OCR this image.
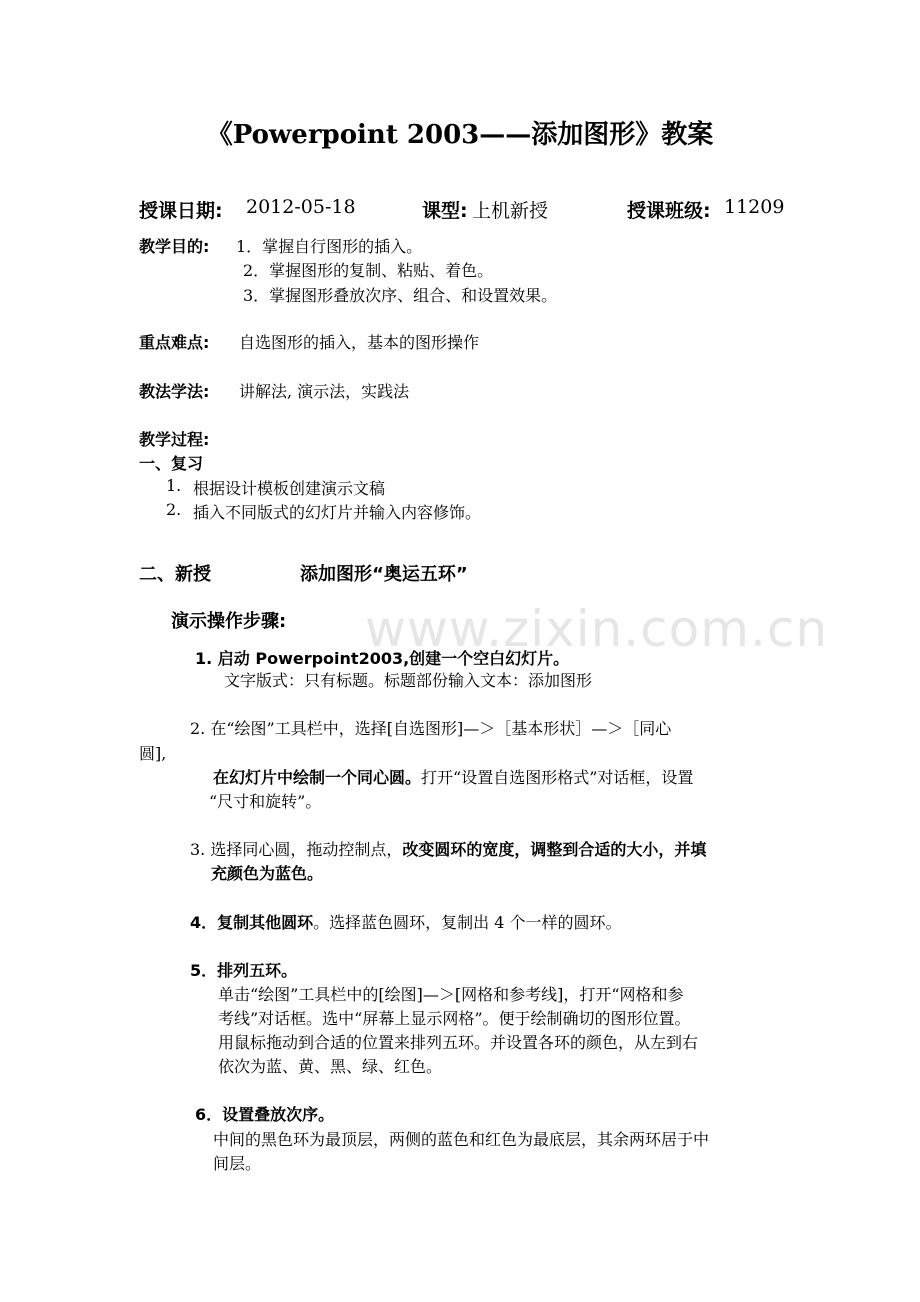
《Powerpoint 2003——添加图形》教案
授课日期: 2012-05-18	课型: 上机新授	授课班级: 11209
教学目的: 1．掌握自行图形的插入。
2．掌握图形的复制、粘贴、着色。
3．掌握图形叠放次序、组合、和设置效果。
重点难点: 自选图形的插入，基本的图形操作
教法学法: 讲解法, 演示法，实践法
教学过程:
一、复习
1. 根据设计模板创建演示文稿
2. 插入不同版式的幻灯片并输入内容修饰。
二、新授	添加图形“奥运五环”
www.zixin.com.cn
演示操作步骤:
1. 启动 Powerpoint2003,创建一个空白幻灯片。
文字版式：只有标题。标题部份输入文本：添加图形
2. 在“绘图”工具栏中，选择[自选图形]—＞［基本形状］—＞［同心
圆],
在幻灯片中绘制一个同心圆。打开“设置自选图形格式”对话框，设置
“尺寸和旋转”。
3. 选择同心圆，拖动控制点，改变圆环的宽度，调整到合适的大小，并填
充颜色为蓝色。
4．复制其他圆环。选择蓝色圆环，复制出 4 个一样的圆环。
5．排列五环。
单击“绘图”工具栏中的[绘图]—＞[网格和参考线]，打开“网格和参
考线”对话框。选中“屏幕上显示网格”。便于绘制确切的图形位置。
用鼠标拖动到合适的位置来排列五环。并设置各环的颜色，从左到右
依次为蓝、黄、黑、绿、红色。
6．设置叠放次序。
中间的黑色环为最顶层，两侧的蓝色和红色为最底层，其余两环居于中
间层。
